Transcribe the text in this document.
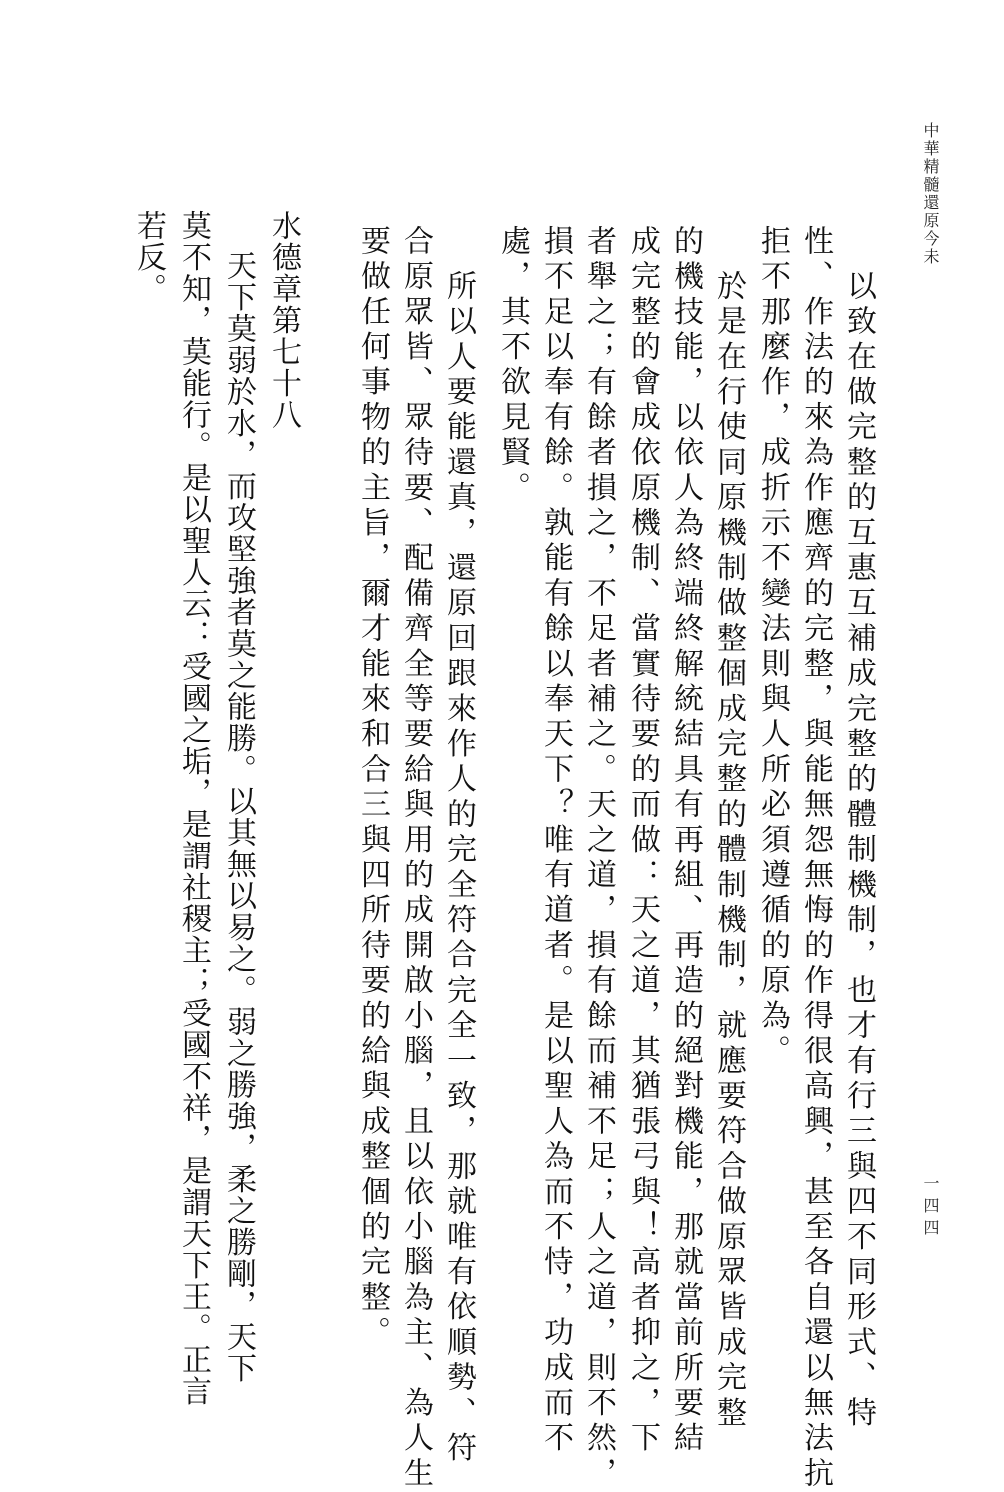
中華精髓還原今未
一四四
以致在做完整的互惠互補成完整的體制機制，也才有行三與四不同形式、特
性、作法的來為作應齊的完整，與能無怨無悔的作得很高興，甚至各自還以無法抗
拒不那麼作，成折示不變法則與人所必須遵循的原為。
於是在行使同原機制做整個成完整的體制機制，就應要符合做原眾皆成完整
的機技能，以依人為終端終解統結具有再組、再造的絕對機能，那就當前所要結
成完整的會成依原機制、當實待要的而做：天之道，其猶張弓與！高者抑之，下
者舉之；有餘者損之，不足者補之。天之道，損有餘而補不足；人之道，則不然，
損不足以奉有餘。孰能有餘以奉天下？唯有道者。是以聖人為而不恃，功成而不
處，其不欲見賢。
所以人要能還真，還原回跟來作人的完全符合完全一致，那就唯有依順勢、符
合原眾皆、眾待要、配備齊全等要給與用的成開啟小腦，且以依小腦為主、為人生
要做任何事物的主旨，爾才能來和合三與四所待要的給與成整個的完整。
水德章第七十八
天下莫弱於水，而攻堅強者莫之能勝。以其無以易之。弱之勝強，柔之勝剛，天下
莫不知，莫能行。是以聖人云：受國之垢，是謂社稷主；受國不祥，是謂天下王。正言
若反。
